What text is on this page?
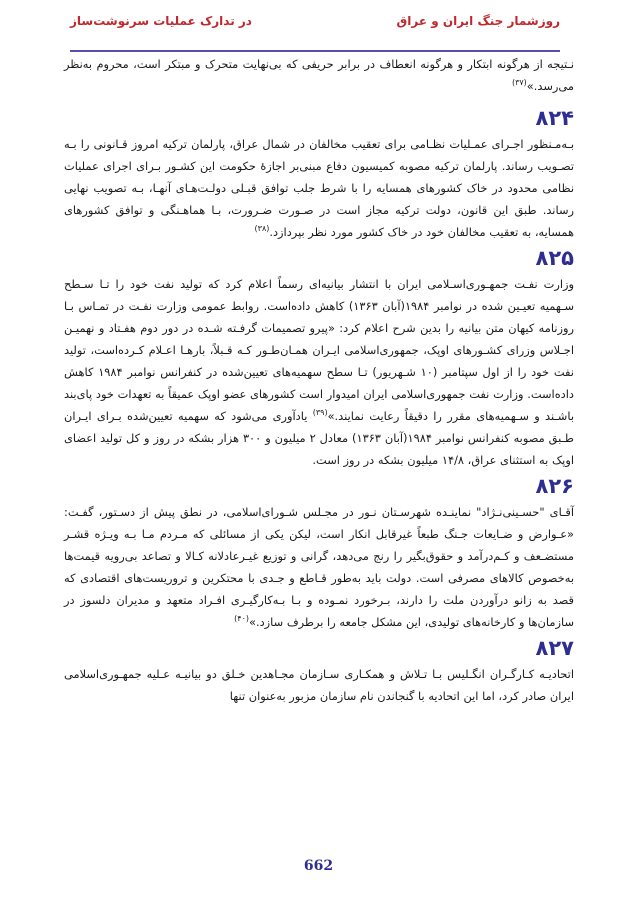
روزشمار جنگ ایران و عراق
در تدارک عملیات سرنوشت‌ساز

نـتیجه از هرگونه ابتکار و هرگونه انعطاف در برابر حریفی که بی‌نهایت متحرک و مبتکر است، محروم به‌نظر می‌رسد.»$^{(۳۷)}$

۸۲۴

بـه‌مـنظور اجـرای عمـلیات نظـامی برای تعقیب مخالفان در شمال عراق، پارلمان ترکیه امروز قـانونی را بـه تصـویب رساند. پارلمان ترکیه مصوبه کمیسیون دفاع مبنی‌بر اجازهٔ حکومت این کشـور بـرای اجرای عملیات نظامی محدود در خاک کشورهای همسایه را با شرط جلب توافق قبـلی دولـت‌هـای آنهـا، بـه تصویب نهایی رساند. طبق این قانون، دولت ترکیه مجاز است در صـورت ضـرورت، بـا هماهـنگی و توافق کشورهای همسایه، به تعقیب مخالفان خود در خاک کشور مورد نظر بپردازد.$^{(۳۸)}$

۸۲۵

وزارت نفـت جمهـوری‌اسـلامی ایران با انتشار بیانیه‌ای رسماً اعلام کرد که تولید نفت خود را تـا سـطح سـهمیه تعیـین شده در نوامبر ۱۹۸۴(آبان ۱۳۶۳) کاهش داده‌است. روابط عمومی وزارت نفـت در تمـاس بـا روزنامه کیهان متن بیانیه را بدین شرح اعلام کرد: «پیرو تصمیمات گرفـته شـده در دور دوم هفـتاد و نهمیـن اجـلاس وزرای کشـورهای اوپک، جمهوری‌اسلامی ایـران همـان‌طـور کـه قـبلاً، بارهـا اعـلام کـرده‌است، تولید نفت خود را از اول سپتامبر (۱۰ شـهریور) تـا سطح سهمیه‌های تعیین‌شده در کنفرانس نوامبر ۱۹۸۴ کاهش داده‌است. وزارت نفت جمهوری‌اسلامی ایران امیدوار است کشورهای عضو اوپک عمیقاً به تعهدات خود پای‌بند باشـند و سـهمیه‌های مقرر را دقیقاً رعایت نمایند.»$^{(۳۹)}$ یادآوری می‌شود که سهمیه تعیین‌شده بـرای ایـران طـبق مصوبه کنفرانس نوامبر ۱۹۸۴(آبان ۱۳۶۳) معادل ۲ میلیون و ۳۰۰ هزار بشکه در روز و کل تولید اعضای اوپک به استثنای عراق، ۱۴/۸ میلیون بشکه در روز است.

۸۲۶

آقـای "حسـینی‌نـژاد" نماینـده شهرسـتان نـور در مجـلس شـورای‌اسلامی، در نطق پیش از دسـتور، گفـت: «عـوارض و ضـایعات جـنگ طبعاً غیرقابل انکار است، لیکن یکی از مسائلی که مـردم مـا بـه ویـژه قشـر مستضـعف و کـم‌درآمد و حقوق‌بگیر را رنج می‌دهد، گرانی و توزیع غیـرعادلانه کـالا و تصاعد بی‌رویه قیمت‌ها به‌خصوص کالاهای مصرفی است. دولت باید به‌طور قـاطع و جـدی با محتکرین و تروریست‌های اقتصادی که قصد به زانو درآوردن ملت را دارند، بـرخورد نمـوده و بـا بـه‌کارگیـری افـراد متعهد و مدیران دلسوز در سازمان‌ها و کارخانه‌های تولیدی، این مشکل جامعه را برطرف سازد.»$^{(۴۰)}$

۸۲۷

اتحادیـه کـارگـران انگـلیس بـا تـلاش و همکـاری سـازمان مجـاهدین خـلق دو بیانیـه عـلیه جمهـوری‌اسلامی ایران صادر کرد، اما این اتحادیه با گنجاندن نام سازمان مزبور به‌عنوان تنها

662
